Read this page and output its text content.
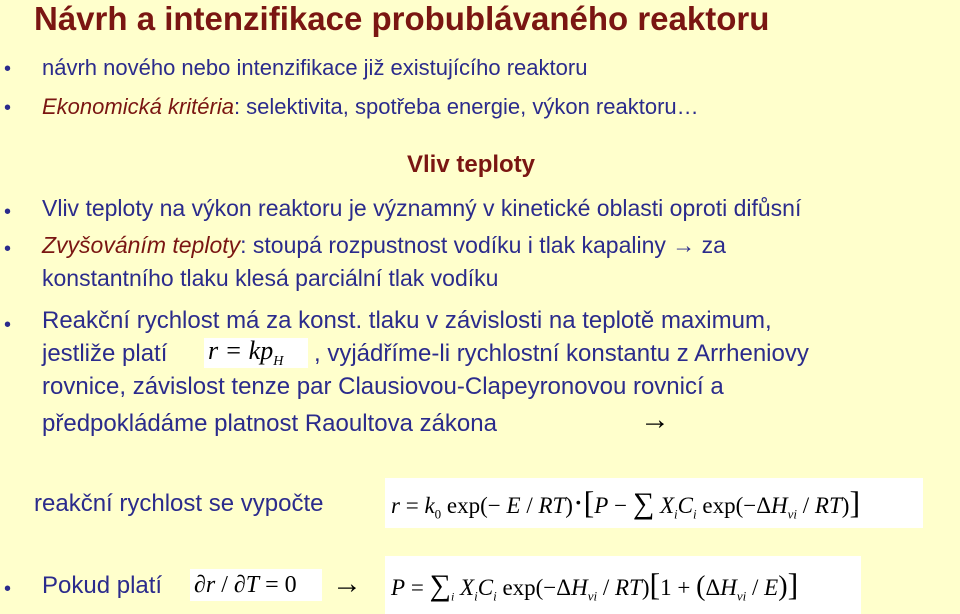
Návrh a intenzifikace probublávaného reaktoru
• návrh nového nebo intenzifikace již existujícího reaktoru
• Ekonomická kritéria: selektivita, spotřeba energie, výkon reaktoru…
Vliv teploty
• Vliv teploty na výkon reaktoru je významný v kinetické oblasti oproti difůsní
• Zvyšováním teploty: stoupá rozpustnost vodíku i tlak kapaliny → za
konstantního tlaku klesá parciální tlak vodíku
• Reakční rychlost má za konst. tlaku v závislosti na teplotě maximum,
jestliže platí $r = kp_H$ , vyjádříme-li rychlostní konstantu z Arrheniovy
rovnice, závislost tenze par Clausiovou-Clapeyronovou rovnicí a
předpokládáme platnost Raoultova zákona	→
reakční rychlost se vypočte	$r = k_0$ exp(− E / RT)·[P − ∑ $X_iC_i$ $\exp(-\Delta H_{vi} / RT)$]
• Pokud platí $\partial r / \partial T = 0 \to P = \sum_i$ $X_iC_i$ $\exp(-\Delta H_{vi} / RT)[1 + (\Delta H_{vi} / E)]$
